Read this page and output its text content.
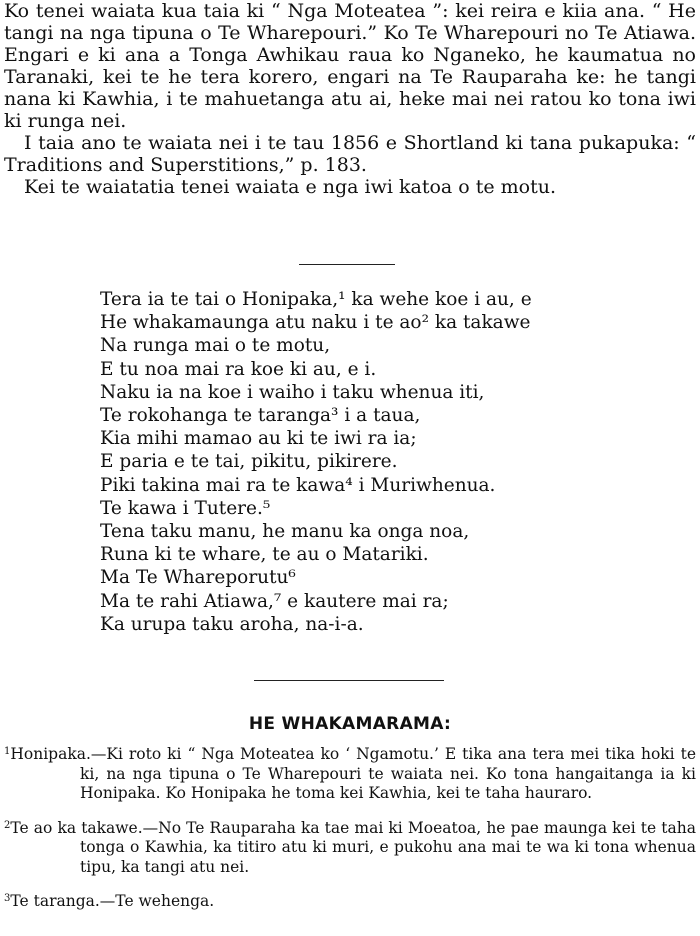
Ko tenei waiata kua taia ki “ Nga Moteatea ”: kei reira e kiia ana. “ He tangi na nga tipuna o Te Wharepouri.” Ko Te Wharepouri no Te Atiawa. Engari e ki ana a Tonga Awhikau raua ko Nganeko, he kaumatua no Taranaki, kei te he tera korero, engari na Te Rauparaha ke: he tangi nana ki Kawhia, i te mahuetanga atu ai, heke mai nei ratou ko tona iwi ki runga nei.

I taia ano te waiata nei i te tau 1856 e Shortland ki tana pukapuka: “ Traditions and Superstitions,” p. 183.

Kei te waiatatia tenei waiata e nga iwi katoa o te motu.

Tera ia te tai o Honipaka,¹ ka wehe koe i au, e
He whakamaunga atu naku i te ao² ka takawe
Na runga mai o te motu,
E tu noa mai ra koe ki au, e i.
Naku ia na koe i waiho i taku whenua iti,
Te rokohanga te taranga³ i a taua,
Kia mihi mamao au ki te iwi ra ia;
E paria e te tai, pikitu, pikirere.
Piki takina mai ra te kawa⁴ i Muriwhenua.
Te kawa i Tutere.⁵
Tena taku manu, he manu ka onga noa,
Runa ki te whare, te au o Matariki.
Ma Te Whareporutu⁶
Ma te rahi Atiawa,⁷ e kautere mai ra;
Ka urupa taku aroha, na-i-a.
HE WHAKAMARAMA:

$^1$Honipaka.—Ki roto ki “ Nga Moteatea ko ‘ Ngamotu.’ E tika ana tera mei tika hoki te ki, na nga tipuna o Te Wharepouri te waiata nei. Ko tona hangaitanga ia ki Honipaka. Ko Honipaka he toma kei Kawhia, kei te taha hauraro.

$^2$Te ao ka takawe.—No Te Rauparaha ka tae mai ki Moeatoa, he pae maunga kei te taha tonga o Kawhia, ka titiro atu ki muri, e pukohu ana mai te wa ki tona whenua tipu, ka tangi atu nei.

$^3$Te taranga.—Te wehenga.
